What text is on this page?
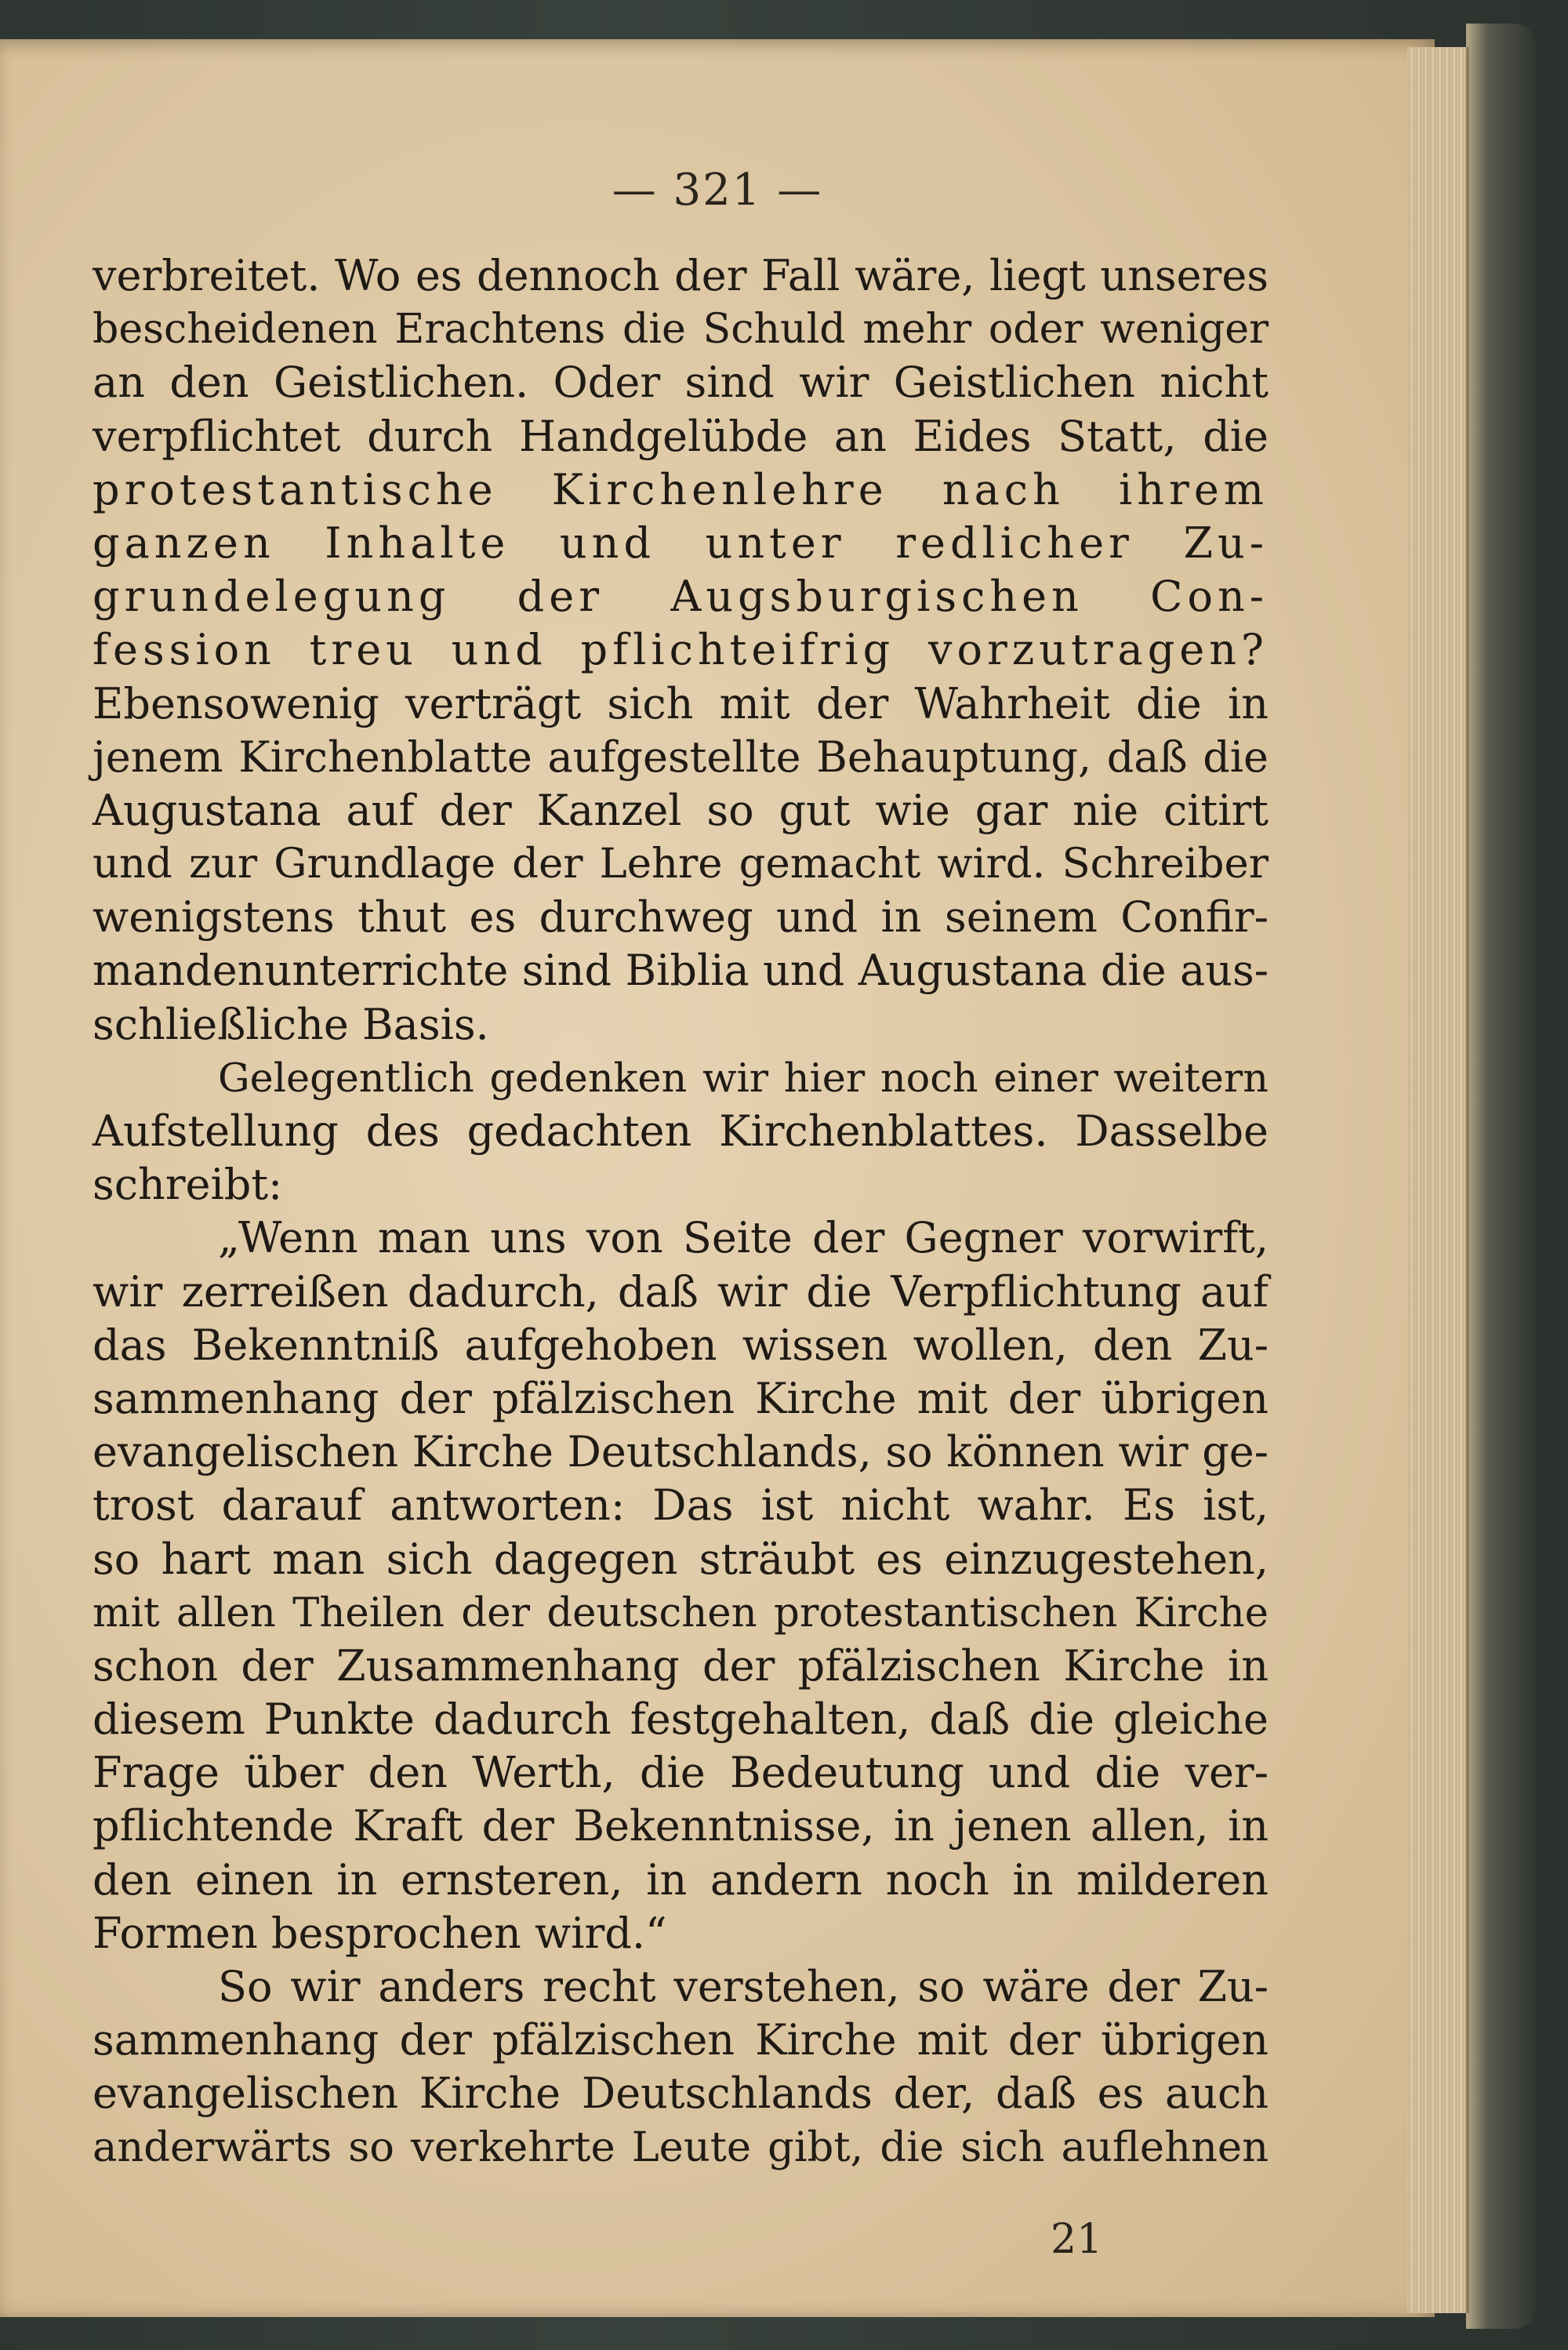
— 321 —
verbreitet. Wo es dennoch der Fall wäre, liegt unseres
bescheidenen Erachtens die Schuld mehr oder weniger
an den Geistlichen. Oder sind wir Geistlichen nicht
verpflichtet durch Handgelübde an Eides Statt, die
protestantische Kirchenlehre nach ihrem
ganzen Inhalte und unter redlicher Zu-
grundelegung der Augsburgischen Con-
fession treu und pflichteifrig vorzutragen?
Ebensowenig verträgt sich mit der Wahrheit die in
jenem Kirchenblatte aufgestellte Behauptung, daß die
Augustana auf der Kanzel so gut wie gar nie citirt
und zur Grundlage der Lehre gemacht wird. Schreiber
wenigstens thut es durchweg und in seinem Confir-
mandenunterrichte sind Biblia und Augustana die aus-
schließliche Basis.
Gelegentlich gedenken wir hier noch einer weitern
Aufstellung des gedachten Kirchenblattes. Dasselbe
schreibt:
„Wenn man uns von Seite der Gegner vorwirft,
wir zerreißen dadurch, daß wir die Verpflichtung auf
das Bekenntniß aufgehoben wissen wollen, den Zu-
sammenhang der pfälzischen Kirche mit der übrigen
evangelischen Kirche Deutschlands, so können wir ge-
trost darauf antworten: Das ist nicht wahr. Es ist,
so hart man sich dagegen sträubt es einzugestehen,
mit allen Theilen der deutschen protestantischen Kirche
schon der Zusammenhang der pfälzischen Kirche in
diesem Punkte dadurch festgehalten, daß die gleiche
Frage über den Werth, die Bedeutung und die ver-
pflichtende Kraft der Bekenntnisse, in jenen allen, in
den einen in ernsteren, in andern noch in milderen
Formen besprochen wird.“
So wir anders recht verstehen, so wäre der Zu-
sammenhang der pfälzischen Kirche mit der übrigen
evangelischen Kirche Deutschlands der, daß es auch
anderwärts so verkehrte Leute gibt, die sich auflehnen
21
